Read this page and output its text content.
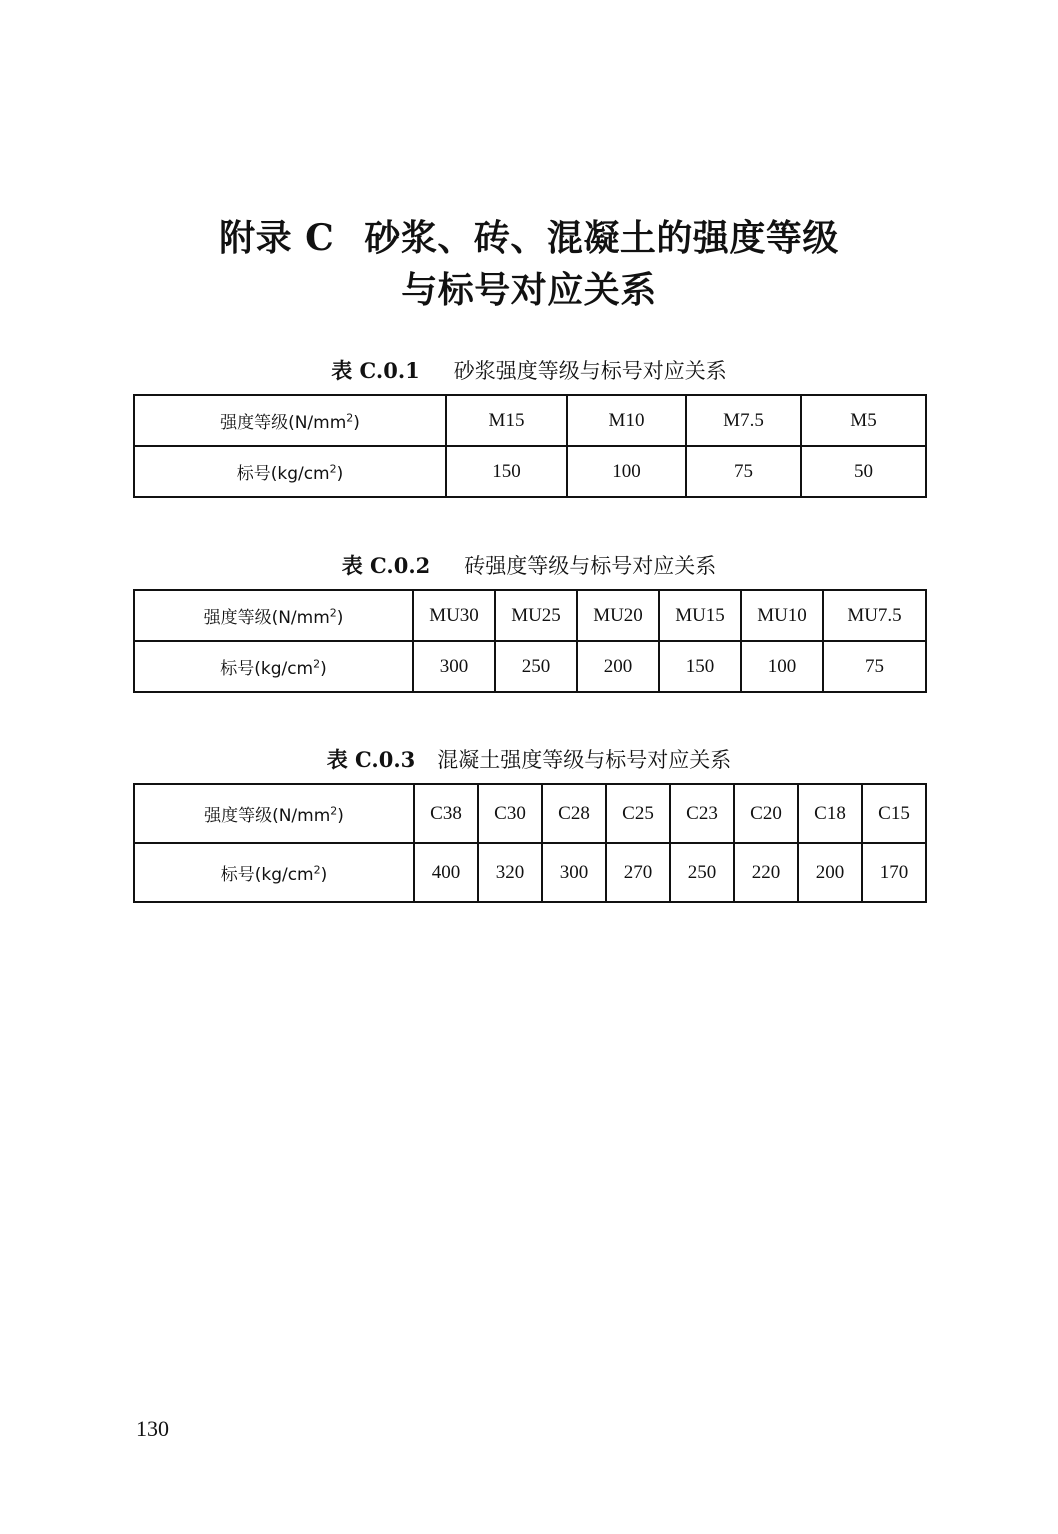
附录 C 砂浆、砖、混凝土的强度等级
与标号对应关系
表 C.0.1 砂浆强度等级与标号对应关系
强度等级$(N/mm^2)$	M15	M10	M7.5	M5
标号$(kg/cm^2)$	150	100	75	50
表 C.0.2 砖强度等级与标号对应关系
强度等级$(N/mm^2)$	MU30	MU25	MU20	MU15	MU10	MU7.5
标号$(kg/cm^2)$	300	250	200	150	100	75
表 C.0.3 混凝土强度等级与标号对应关系
强度等级$(N/mm^2)$	C38	C30	C28	C25	C23	C20	C18	C15
标号$(kg/cm^2)$	400	320	300	270	250	220	200	170
130
